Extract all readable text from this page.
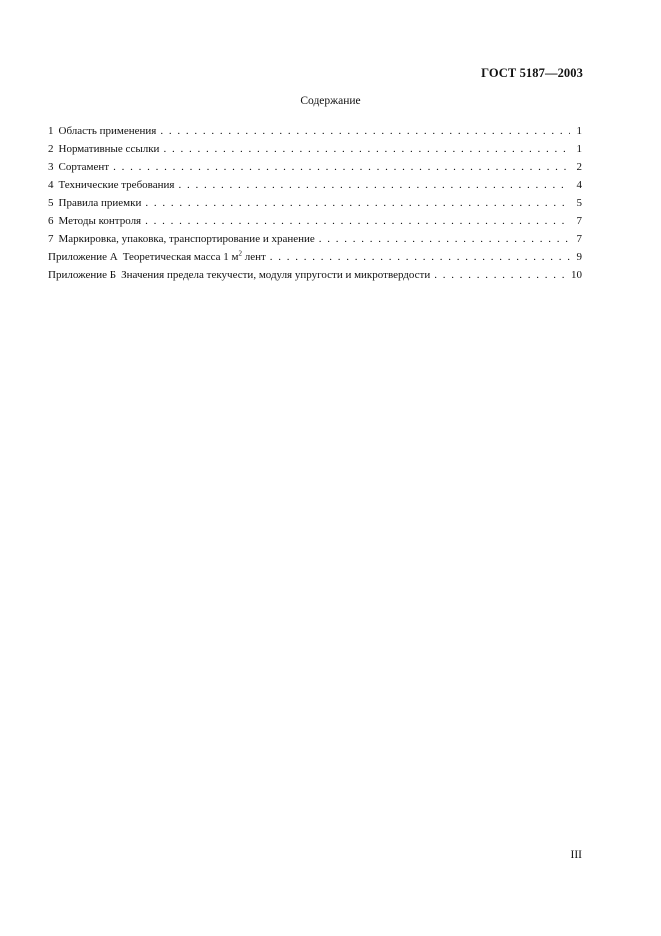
ГОСТ 5187—2003
Содержание
1 Область применения . . .	1
2 Нормативные ссылки . . .	1
3 Сортамент . . .	2
4 Технические требования . . .	4
5 Правила приемки . . .	5
6 Методы контроля . . .	7
7 Маркировка, упаковка, транспортирование и хранение . . .	7
Приложение А Теоретическая масса 1 $м^2$ лент . . .	9
Приложение Б Значения предела текучести, модуля упругости и микротвердости . . .	10
III
